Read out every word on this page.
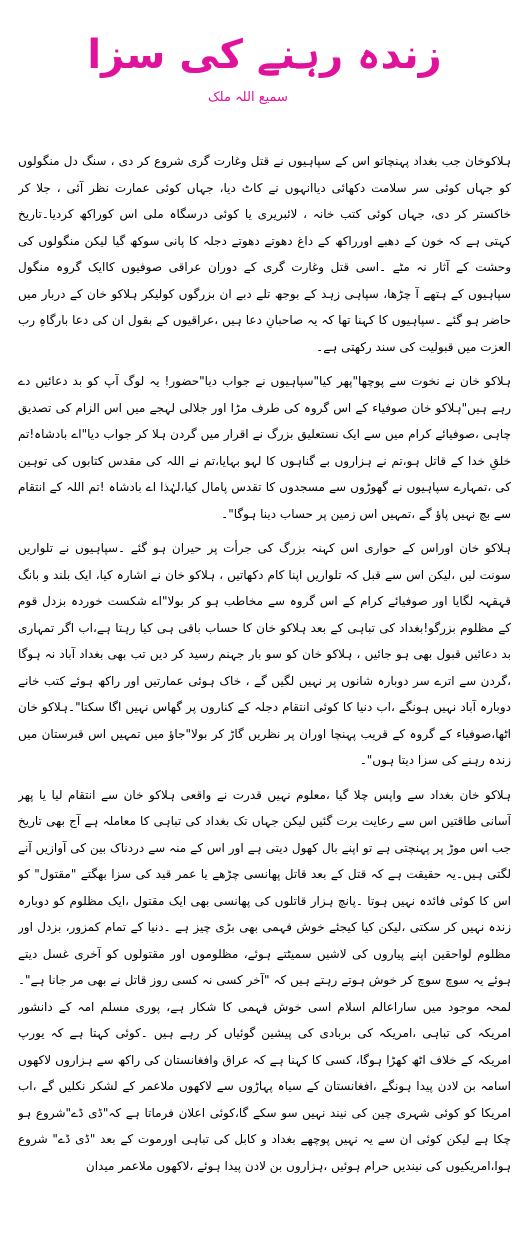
زندہ رہنے کی سزا
سمیع اللہ ملک

ہلاکوخان جب بغداد پہنچاتو اس کے سپاہیوں نے قتل وغارت گری شروع کر دی ، سنگ دل منگولوں کو جہاں کوئی سر سلامت دکھائی دیاانہوں نے کاٹ دیا، جہاں کوئی عمارت نظر آئی ، جلا کر خاکستر کر دی، جہاں کوئی کتب خانہ ، لائبریری یا کوئی درسگاہ ملی اس کوراکھ کردیا۔تاریخ کہتی ہے کہ خون کے دھبے اورراکھ کے داغ دھوتے دھوتے دجلہ کا پانی سوکھ گیا لیکن منگولوں کی وحشت کے آثار نہ مٹے ۔اسی قتل وغارت گری کے دوران عراقی صوفیوں کاایک گروہ منگول سپاہیوں کے ہتھے آ چڑھا، سپاہی زہد کے بوجھ تلے دبے ان بزرگوں کولیکر ہلاکو خان کے دربار میں حاضر ہو گئے ۔سپاہیوں کا کہنا تھا کہ یہ صاحبانِ دعا ہیں ،عراقیوں کے بقول ان کی دعا بارگاہِ رب العزت میں قبولیت کی سند رکھتی ہے۔

ہلاکو خان نے نخوت سے پوچھا"پھر کیا"سپاہیوں نے جواب دیا"حضور! یہ لوگ آپ کو بد دعائیں دے رہے ہیں"ہلاکو خان صوفیاء کے اس گروہ کی طرف مڑا اور جلالی لہجے میں اس الزام کی تصدیق چاہی ،صوفیائے کرام میں سے ایک نستعلیق بزرگ نے اقرار میں گردن ہلا کر جواب دیا"اے بادشاہ!تم خلقِ خدا کے قاتل ہو،تم نے ہزاروں بے گناہوں کا لہو بہایا،تم نے اللہ کی مقدس کتابوں کی توہین کی ،تمہارے سپاہیوں نے گھوڑوں سے مسجدوں کا تقدس پامال کیا،لہٰذا اے بادشاہ !تم اللہ کے انتقام سے بچ نہیں پاؤ گے ،تمہیں اس زمین پر حساب دینا ہوگا"۔

ہلاکو خان اوراس کے حواری اس کہنہ بزرگ کی جرأت پر حیران ہو گئے ۔سپاہیوں نے تلواریں سونت لیں ،لیکن اس سے قبل کہ تلواریں اپنا کام دکھاتیں ، ہلاکو خان نے اشارہ کیا، ایک بلند و بانگ قہقہہ لگایا اور صوفیائے کرام کے اس گروہ سے مخاطب ہو کر بولا"اے شکست خوردہ بزدل قوم کے مظلوم بزرگو!بغداد کی تباہی کے بعد ہلاکو خان کا حساب باقی ہی کیا رہتا ہے،اب اگر تمہاری بد دعائیں قبول بھی ہو جائیں ، ہلاکو خان کو سو بار جہنم رسید کر دیں تب بھی بغداد آباد نہ ہوگا ،گردن سے اترے سر دوبارہ شانوں پر نہیں لگیں گے ، خاک ہوئی عمارتیں اور راکھ ہوئے کتب خانے دوبارہ آباد نہیں ہونگے ،اب دنیا کا کوئی انتقام دجلہ کے کناروں پر گھاس نہیں اگا سکتا"۔ہلاکو خان اٹھا،صوفیاء کے گروہ کے قریب پہنچا اوران پر نظریں گاڑ کر بولا"جاؤ میں تمہیں اس قبرستان میں زندہ رہنے کی سزا دیتا ہوں"۔

ہلاکو خان بغداد سے واپس چلا گیا ،معلوم نہیں قدرت نے واقعی ہلاکو خان سے انتقام لیا یا پھر آسانی طاقتیں اس سے رعایت برت گئیں لیکن جہاں تک بغداد کی تباہی کا معاملہ ہے آج بھی تاریخ جب اس موڑ پر پہنچتی ہے تو اپنے بال کھول دیتی ہے اور اس کے منہ سے دردناک بین کی آوازیں آنے لگتی ہیں۔یہ حقیقت ہے کہ قتل کے بعد قاتل پھانسی چڑھے یا عمر قید کی سزا بھگتے "مقتول" کو اس کا کوئی فائدہ نہیں ہوتا ۔پانچ ہزار قاتلوں کی پھانسی بھی ایک مقتول ،ایک مظلوم کو دوبارہ زندہ نہیں کر سکتی ،لیکن کیا کیجئے خوش فہمی بھی بڑی چیز ہے ۔دنیا کے تمام کمزور، بزدل اور مظلوم لواحقین اپنے پیاروں کی لاشیں سمیٹتے ہوئے، مظلوموں اور مقتولوں کو آخری غسل دیتے ہوئے یہ سوچ سوچ کر خوش ہوتے رہتے ہیں کہ "آخر کسی نہ کسی روز قاتل نے بھی مر جانا ہے"۔لمحہ موجود میں ساراعالم اسلام اسی خوش فہمی کا شکار ہے، پوری مسلم امہ کے دانشور امریکہ کی تباہی ،امریکہ کی بربادی کی پیشین گوئیاں کر رہے ہیں ۔کوئی کہتا ہے کہ یورپ امریکہ کے خلاف اٹھ کھڑا ہوگا، کسی کا کہنا ہے کہ عراق وافغانستان کی راکھ سے ہزاروں لاکھوں اسامہ بن لادن پیدا ہونگے ،افغانستان کے سیاہ پہاڑوں سے لاکھوں ملاعمر کے لشکر نکلیں گے ،اب امریکا کو کوئی شہری چین کی نیند نہیں سو سکے گا،کوئی اعلان فرماتا ہے کہ"ڈی ڈے"شروع ہو چکا ہے لیکن کوئی ان سے یہ نہیں پوچھے بغداد و کابل کی تباہی اورموت کے بعد "ڈی ڈے" شروع ہوا،امریکیوں کی نیندیں حرام ہوئیں ،ہزاروں بن لادن پیدا ہوئے ،لاکھوں ملاعمر میدان
